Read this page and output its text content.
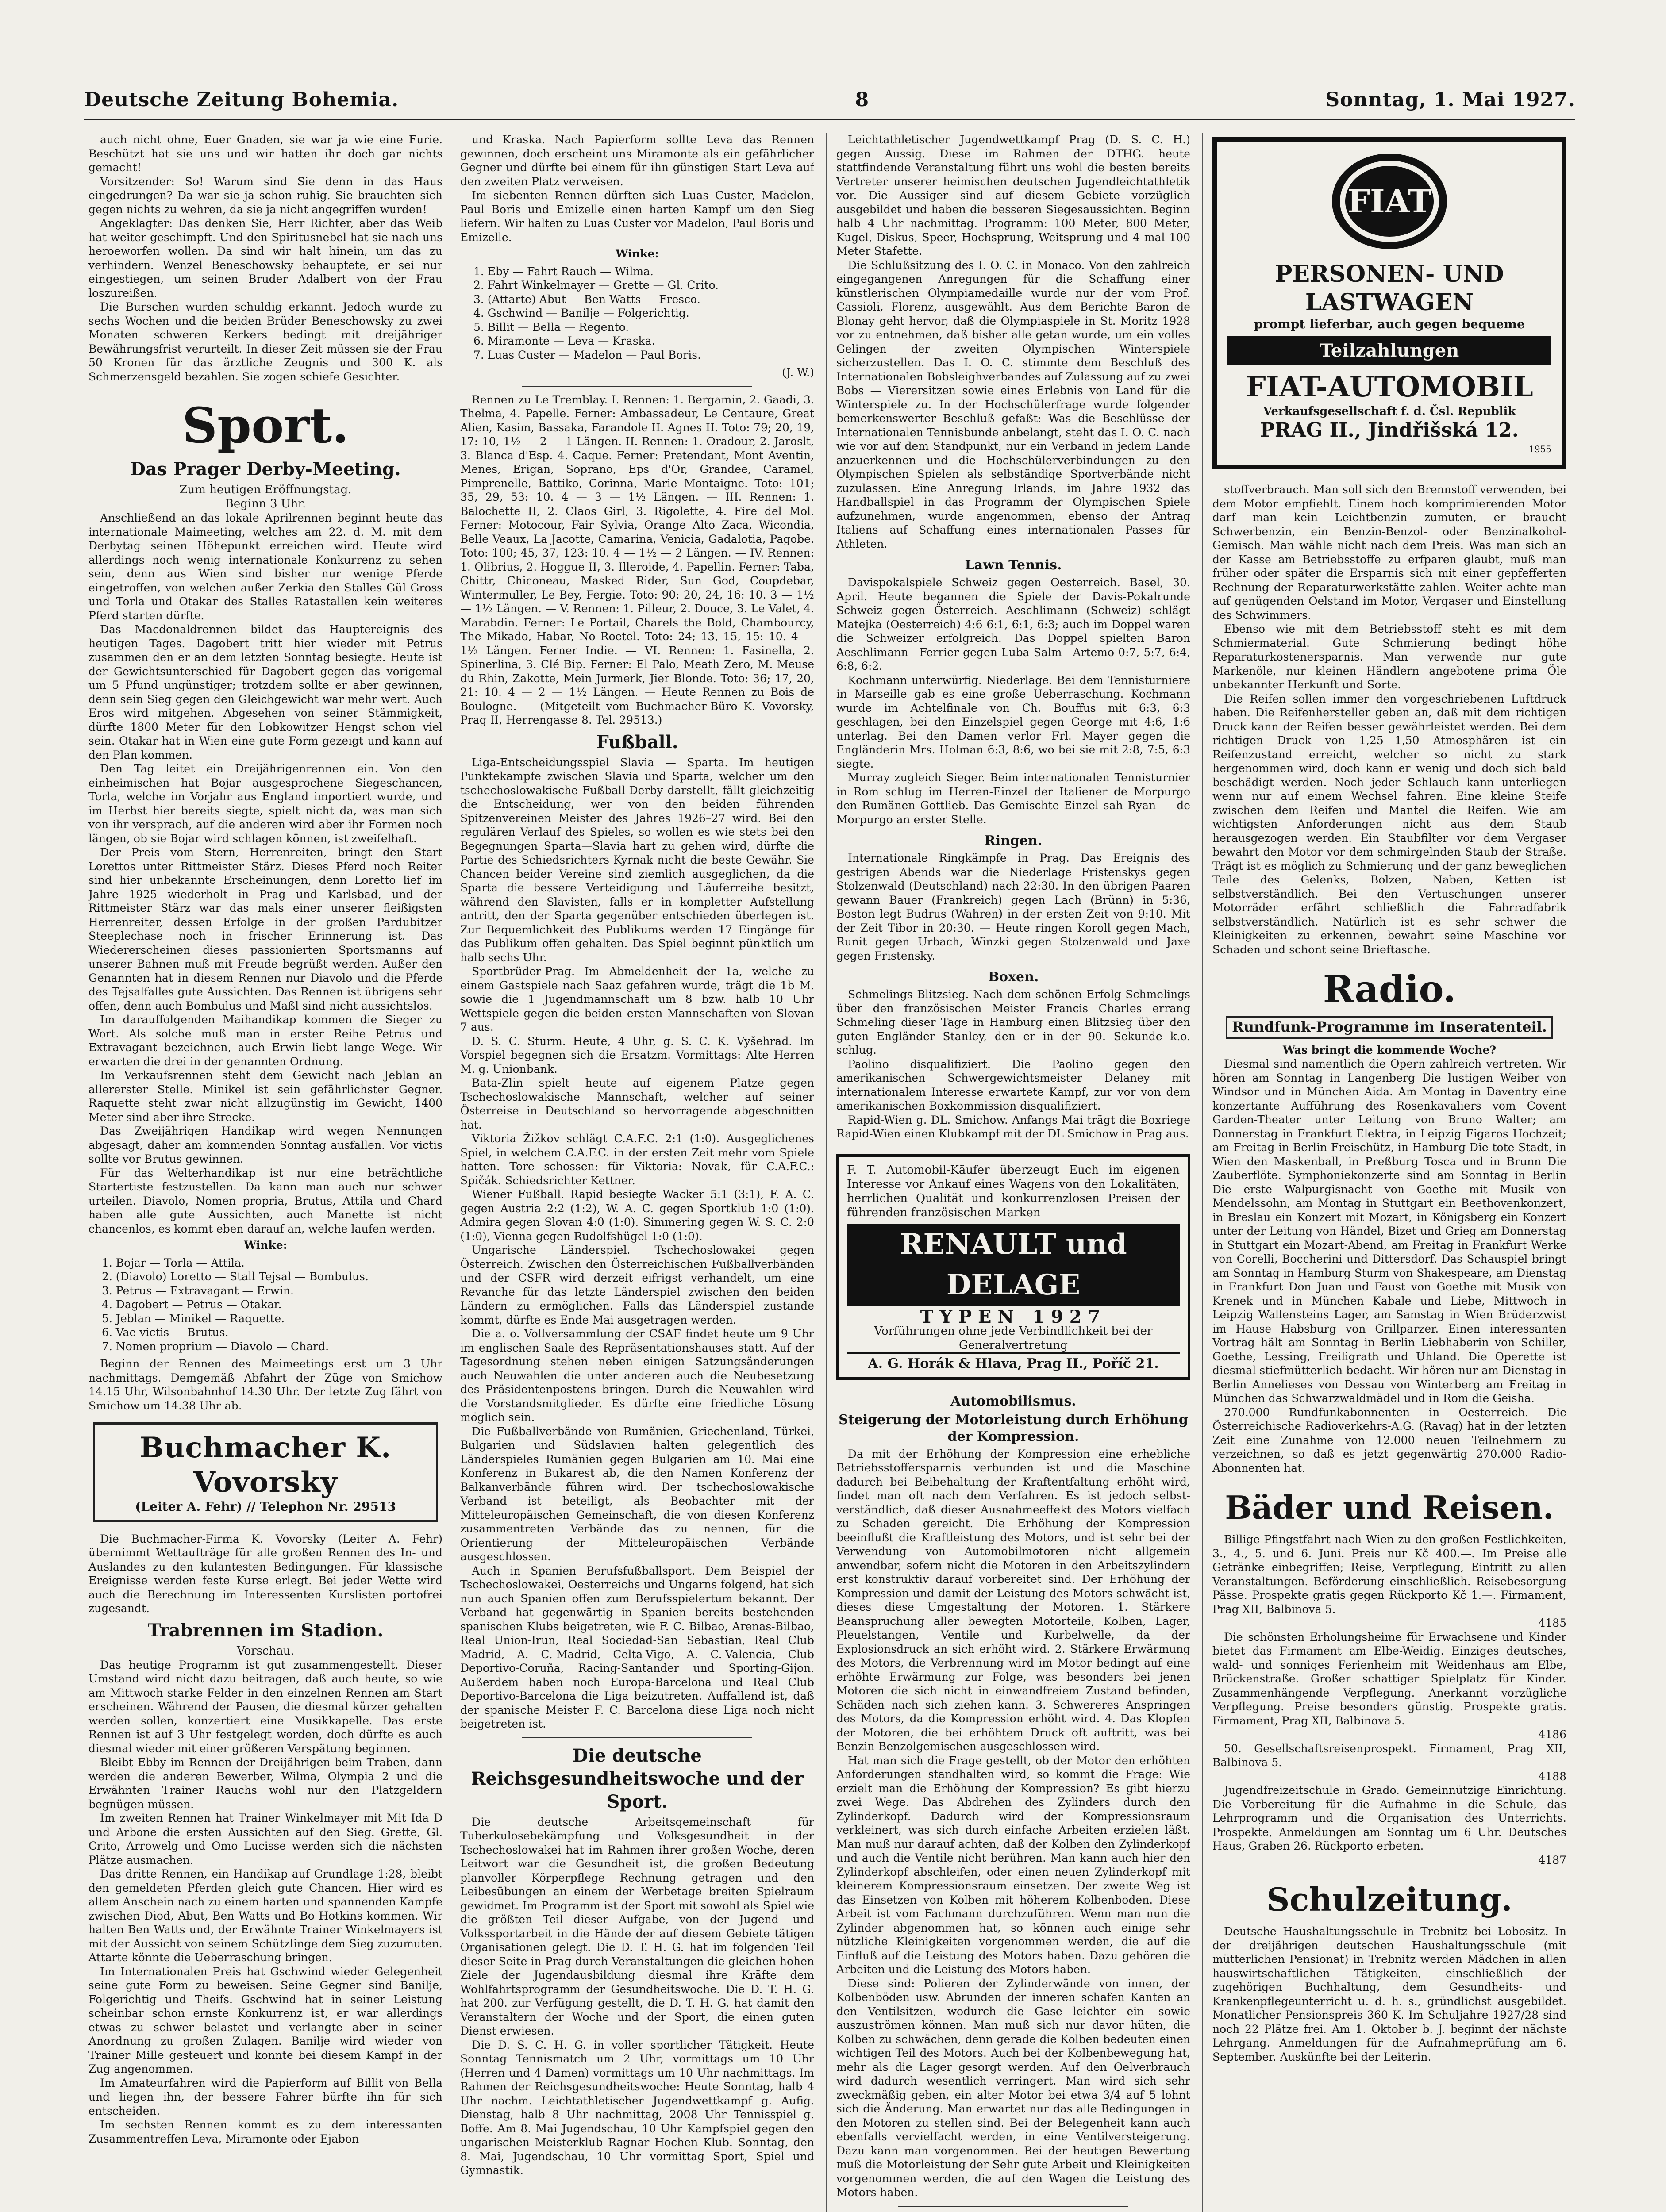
Deutsche Zeitung Bohemia.	8	Sonntag, 1. Mai 1927.

auch nicht ohne, Euer Gnaden, sie war ja wie eine Furie. Beschützt hat sie uns und wir hatten ihr doch gar nichts gemacht!

Vorsitzender: So! Warum sind Sie denn in das Haus eingedrungen? Da war sie ja schon ruhig. Sie brauchten sich gegen nichts zu wehren, da sie ja nicht angegriffen wurden!

Angeklagter: Das denken Sie, Herr Richter, aber das Weib hat weiter geschimpft. Und den Spiritusnebel hat sie nach uns heroeworfen wollen. Da sind wir halt hinein, um das zu verhindern. Wenzel Beneschowsky behauptete, er sei nur eingestiegen, um seinen Bruder Adalbert von der Frau loszureißen.

Die Burschen wurden schuldig erkannt. Jedoch wurde zu sechs Wochen und die beiden Brüder Beneschowsky zu zwei Monaten schweren Kerkers bedingt mit dreijähriger Bewährungsfrist verurteilt. In dieser Zeit müssen sie der Frau 50 Kronen für das ärztliche Zeugnis und 300 K. als Schmerzensgeld bezahlen. Sie zogen schiefe Gesichter.

Sport.
Das Prager Derby-Meeting.

Zum heutigen Eröffnungstag.

Beginn 3 Uhr.

Anschließend an das lokale Aprilrennen beginnt heute das internationale Maimeeting, welches am 22. d. M. mit dem Derbytag seinen Höhepunkt erreichen wird. Heute wird allerdings noch wenig internationale Konkurrenz zu sehen sein, denn aus Wien sind bisher nur wenige Pferde eingetroffen, von welchen außer Zerkia den Stalles Gül Gross und Torla und Otakar des Stalles Ratastallen kein weiteres Pferd starten dürfte.

Das Macdonaldrennen bildet das Hauptereignis des heutigen Tages. Dagobert tritt hier wieder mit Petrus zusammen den er an dem letzten Sonntag besiegte. Heute ist der Gewichtsunterschied für Dagobert gegen das vorigemal um 5 Pfund ungünstiger; trotzdem sollte er aber gewinnen, denn sein Sieg gegen den Gleichgewicht war mehr wert. Auch Eros wird mitgehen. Abgesehen von seiner Stämmigkeit, dürfte 1800 Meter für den Lobkowitzer Hengst schon viel sein. Otakar hat in Wien eine gute Form gezeigt und kann auf den Plan kommen.

Den Tag leitet ein Dreijährigenrennen ein. Von den einheimischen hat Bojar ausgesprochene Siegeschancen, Torla, welche im Vorjahr aus England importiert wurde, und im Herbst hier bereits siegte, spielt nicht da, was man sich von ihr versprach, auf die anderen wird aber ihr Formen noch längen, ob sie Bojar wird schlagen können, ist zweifelhaft.

Der Preis vom Stern, Herrenreiten, bringt den Start Lorettos unter Rittmeister Stärz. Dieses Pferd noch Reiter sind hier unbekannte Erscheinungen, denn Loretto lief im Jahre 1925 wiederholt in Prag und Karlsbad, und der Rittmeister Stärz war das mals einer unserer fleißigsten Herrenreiter, dessen Erfolge in der großen Pardubitzer Steeplechase noch in frischer Erinnerung ist. Das Wiedererscheinen dieses passionierten Sportsmanns auf unserer Bahnen muß mit Freude begrüßt werden. Außer den Genannten hat in diesem Rennen nur Diavolo und die Pferde des Tejsalfalles gute Aussichten. Das Rennen ist übrigens sehr offen, denn auch Bombulus und Maßl sind nicht aussichtslos.

Im darauffolgenden Maihandikap kommen die Sieger zu Wort. Als solche muß man in erster Reihe Petrus und Extravagant bezeichnen, auch Erwin liebt lange Wege. Wir erwarten die drei in der genannten Ordnung.

Im Verkaufsrennen steht dem Gewicht nach Jeblan an allererster Stelle. Minikel ist sein gefährlichster Gegner. Raquette steht zwar nicht allzugünstig im Gewicht, 1400 Meter sind aber ihre Strecke.

Das Zweijährigen Handikap wird wegen Nennungen abgesagt, daher am kommenden Sonntag ausfallen. Vor victis sollte vor Brutus gewinnen.

Für das Welterhandikap ist nur eine beträchtliche Startertiste festzustellen. Da kann man auch nur schwer urteilen. Diavolo, Nomen propria, Brutus, Attila und Chard haben alle gute Aussichten, auch Manette ist nicht chancenlos, es kommt eben darauf an, welche laufen werden.

Winke:
1. Bojar — Torla — Attila.
2. (Diavolo) Loretto — Stall Tejsal — Bombulus.
3. Petrus — Extravagant — Erwin.
4. Dagobert — Petrus — Otakar.
5. Jeblan — Minikel — Raquette.
6. Vae victis — Brutus.
7. Nomen proprium — Diavolo — Chard.

Beginn der Rennen des Maimeetings erst um 3 Uhr nachmittags. Demgemäß Abfahrt der Züge von Smichow 14.15 Uhr, Wilsonbahnhof 14.30 Uhr. Der letzte Zug fährt von Smichow um 14.38 Uhr ab.

Buchmacher K. Vovorsky
(Leiter A. Fehr) // Telephon Nr. 29513

Die Buchmacher-Firma K. Vovorsky (Leiter A. Fehr) übernimmt Wettaufträge für alle großen Rennen des In- und Auslandes zu den kulantesten Bedingungen. Für klassische Ereignisse werden feste Kurse erlegt. Bei jeder Wette wird auch die Berechnung im Interessenten Kurslisten portofrei zugesandt.

Trabrennen im Stadion.

Vorschau.

Das heutige Programm ist gut zusammengestellt. Dieser Umstand wird nicht dazu beitragen, daß auch heute, so wie am Mittwoch starke Felder in den einzelnen Rennen am Start erscheinen. Während der Pausen, die diesmal kürzer gehalten werden sollen, konzertiert eine Musikkapelle. Das erste Rennen ist auf 3 Uhr festgelegt worden, doch dürfte es auch diesmal wieder mit einer größeren Verspätung beginnen.

Bleibt Ebby im Rennen der Dreijährigen beim Traben, dann werden die anderen Bewerber, Wilma, Olympia 2 und die Erwähnten Trainer Rauchs wohl nur den Platzgeldern begnügen müssen.

Im zweiten Rennen hat Trainer Winkelmayer mit Mit Ida D und Arbone die ersten Aussichten auf den Sieg. Grette, Gl. Crito, Arrowelg und Omo Lucisse werden sich die nächsten Plätze ausmachen.

Das dritte Rennen, ein Handikap auf Grundlage 1:28, bleibt den gemeldeten Pferden gleich gute Chancen. Hier wird es allem Anschein nach zu einem harten und spannenden Kampfe zwischen Diod, Abut, Ben Watts und Bo Hotkins kommen. Wir halten Ben Watts und, der Erwähnte Trainer Winkelmayers ist mit der Aussicht von seinem Schützlinge dem Sieg zuzumuten. Attarte könnte die Ueberraschung bringen.

Im Internationalen Preis hat Gschwind wieder Gelegenheit seine gute Form zu beweisen. Seine Gegner sind Banilje, Folgerichtig und Theifs. Gschwind hat in seiner Leistung scheinbar schon ernste Konkurrenz ist, er war allerdings etwas zu schwer belastet und verlangte aber in seiner Anordnung zu großen Zulagen. Banilje wird wieder von Trainer Mille gesteuert und konnte bei diesem Kampf in der Zug angenommen.

Im Amateurfahren wird die Papierform auf Billit von Bella und liegen ihn, der bessere Fahrer bürfte ihn für sich entscheiden.

Im sechsten Rennen kommt es zu dem interessanten Zusammentreffen Leva, Miramonte oder Ejabon

und Kraska. Nach Papierform sollte Leva das Rennen gewinnen, doch erscheint uns Miramonte als ein gefährlicher Gegner und dürfte bei einem für ihn günstigen Start Leva auf den zweiten Platz verweisen.

Im siebenten Rennen dürften sich Luas Custer, Madelon, Paul Boris und Emizelle einen harten Kampf um den Sieg liefern. Wir halten zu Luas Custer vor Madelon, Paul Boris und Emizelle.

Winke:
1. Eby — Fahrt Rauch — Wilma.
2. Fahrt Winkelmayer — Grette — Gl. Crito.
3. (Attarte) Abut — Ben Watts — Fresco.
4. Gschwind — Banilje — Folgerichtig.
5. Billit — Bella — Regento.
6. Miramonte — Leva — Kraska.
7. Luas Custer — Madelon — Paul Boris.
(J. W.)

Rennen zu Le Tremblay. I. Rennen: 1. Bergamin, 2. Gaadi, 3. Thelma, 4. Papelle. Ferner: Ambassadeur, Le Centaure, Great Alien, Kasim, Bassaka, Farandole II. Agnes II. Toto: 79; 20, 19, 17: 10, 1½ — 2 — 1 Längen. II. Rennen: 1. Oradour, 2. Jaroslt, 3. Blanca d'Esp. 4. Caque. Ferner: Pretendant, Mont Aventin, Menes, Erigan, Soprano, Eps d'Or, Grandee, Caramel, Pimprenelle, Battiko, Corinna, Marie Montaigne. Toto: 101; 35, 29, 53: 10. 4 — 3 — 1½ Längen. — III. Rennen: 1. Balochette II, 2. Claos Girl, 3. Rigolette, 4. Fire del Mol. Ferner: Motocour, Fair Sylvia, Orange Alto Zaca, Wicondia, Belle Veaux, La Jacotte, Camarina, Venicia, Gadalotia, Pagobe. Toto: 100; 45, 37, 123: 10. 4 — 1½ — 2 Längen. — IV. Rennen: 1. Olibrius, 2. Hoggue II, 3. Illeroide, 4. Papellin. Ferner: Taba, Chittr, Chiconeau, Masked Rider, Sun God, Coupdebar, Wintermuller, Le Bey, Fergie. Toto: 90: 20, 24, 16: 10. 3 — 1½ — 1½ Längen. — V. Rennen: 1. Pilleur, 2. Douce, 3. Le Valet, 4. Marabdin. Ferner: Le Portail, Charels the Bold, Chambourcy, The Mikado, Habar, No Roetel. Toto: 24; 13, 15, 15: 10. 4 — 1½ Längen. Ferner Indie. — VI. Rennen: 1. Fasinella, 2. Spinerlina, 3. Clé Bip. Ferner: El Palo, Meath Zero, M. Meuse du Rhin, Zakotte, Mein Jurmerk, Jier Blonde. Toto: 36; 17, 20, 21: 10. 4 — 2 — 1½ Längen. — Heute Rennen zu Bois de Boulogne. — (Mitgeteilt vom Buchmacher-Büro K. Vovorsky, Prag II, Herrengasse 8. Tel. 29513.)

Fußball.

Liga-Entscheidungsspiel Slavia — Sparta. Im heutigen Punktekampfe zwischen Slavia und Sparta, welcher um den tschechoslowakische Fußball-Derby darstellt, fällt gleichzeitig die Entscheidung, wer von den beiden führenden Spitzenvereinen Meister des Jahres 1926–27 wird. Bei den regulären Verlauf des Spieles, so wollen es wie stets bei den Begegnungen Sparta—Slavia hart zu gehen wird, dürfte die Partie des Schiedsrichters Kyrnak nicht die beste Gewähr. Sie Chancen beider Vereine sind ziemlich ausgeglichen, da die Sparta die bessere Verteidigung und Läuferreihe besitzt, während den Slavisten, falls er in kompletter Aufstellung antritt, den der Sparta gegenüber entschieden überlegen ist. Zur Bequemlichkeit des Publikums werden 17 Eingänge für das Publikum offen gehalten. Das Spiel beginnt pünktlich um halb sechs Uhr.

Sportbrüder-Prag. Im Abmeldenheit der 1a, welche zu einem Gastspiele nach Saaz gefahren wurde, trägt die 1b M. sowie die 1 Jugendmannschaft um 8 bzw. halb 10 Uhr Wettspiele gegen die beiden ersten Mannschaften von Slovan 7 aus.

D. S. C. Sturm. Heute, 4 Uhr, g. S. C. K. Vyšehrad. Im Vorspiel begegnen sich die Ersatzm. Vormittags: Alte Herren M. g. Unionbank.

Bata-Zlin spielt heute auf eigenem Platze gegen Tschechoslowakische Mannschaft, welcher auf seiner Österreise in Deutschland so hervorragende abgeschnitten hat.

Viktoria Žižkov schlägt C.A.F.C. 2:1 (1:0). Ausgeglichenes Spiel, in welchem C.A.F.C. in der ersten Zeit mehr vom Spiele hatten. Tore schossen: für Viktoria: Novak, für C.A.F.C.: Spičák. Schiedsrichter Kettner.

Wiener Fußball. Rapid besiegte Wacker 5:1 (3:1), F. A. C. gegen Austria 2:2 (1:2), W. A. C. gegen Sportklub 1:0 (1:0). Admira gegen Slovan 4:0 (1:0). Simmering gegen W. S. C. 2:0 (1:0), Vienna gegen Rudolfshügel 1:0 (1:0).

Ungarische Länderspiel. Tschechoslowakei gegen Österreich. Zwischen den Österreichischen Fußballverbänden und der CSFR wird derzeit eifrigst verhandelt, um eine Revanche für das letzte Länderspiel zwischen den beiden Ländern zu ermöglichen. Falls das Länderspiel zustande kommt, dürfte es Ende Mai ausgetragen werden.

Die a. o. Vollversammlung der CSAF findet heute um 9 Uhr im englischen Saale des Repräsentationshauses statt. Auf der Tagesordnung stehen neben einigen Satzungsänderungen auch Neuwahlen die unter anderen auch die Neubesetzung des Präsidentenpostens bringen. Durch die Neuwahlen wird die Vorstandsmitglieder. Es dürfte eine friedliche Lösung möglich sein.

Die Fußballverbände von Rumänien, Griechenland, Türkei, Bulgarien und Südslavien halten gelegentlich des Länderspieles Rumänien gegen Bulgarien am 10. Mai eine Konferenz in Bukarest ab, die den Namen Konferenz der Balkanverbände führen wird. Der tschechoslowakische Verband ist beteiligt, als Beobachter mit der Mitteleuropäischen Gemeinschaft, die von diesen Konferenz zusammentreten Verbände das zu nennen, für die Orientierung der Mitteleuropäischen Verbände ausgeschlossen.

Auch in Spanien Berufsfußballsport. Dem Beispiel der Tschechoslowakei, Oesterreichs und Ungarns folgend, hat sich nun auch Spanien offen zum Berufsspielertum bekannt. Der Verband hat gegenwärtig in Spanien bereits bestehenden spanischen Klubs beigetreten, wie F. C. Bilbao, Arenas-Bilbao, Real Union-Irun, Real Sociedad-San Sebastian, Real Club Madrid, A. C.-Madrid, Celta-Vigo, A. C.-Valencia, Club Deportivo-Coruña, Racing-Santander und Sporting-Gijon. Außerdem haben noch Europa-Barcelona und Real Club Deportivo-Barcelona die Liga beizutreten. Auffallend ist, daß der spanische Meister F. C. Barcelona diese Liga noch nicht beigetreten ist.

Die deutsche Reichsgesundheitswoche und der Sport.

Die deutsche Arbeitsgemeinschaft für Tuberkulosebekämpfung und Volksgesundheit in der Tschechoslowakei hat im Rahmen ihrer großen Woche, deren Leitwort war die Gesundheit ist, die großen Bedeutung planvoller Körperpflege Rechnung getragen und den Leibesübungen an einem der Werbetage breiten Spielraum gewidmet. Im Programm ist der Sport mit sowohl als Spiel wie die größten Teil dieser Aufgabe, von der Jugend- und Volkssportarbeit in die Hände der auf diesem Gebiete tätigen Organisationen gelegt. Die D. T. H. G. hat im folgenden Teil dieser Seite in Prag durch Veranstaltungen die gleichen hohen Ziele der Jugendausbildung diesmal ihre Kräfte dem Wohlfahrtsprogramm der Gesundheitswoche. Die D. T. H. G. hat 200. zur Verfügung gestellt, die D. T. H. G. hat damit den Veranstaltern der Woche und der Sport, die einen guten Dienst erwiesen.

Die D. S. C. H. G. in voller sportlicher Tätigkeit. Heute Sonntag Tennismatch um 2 Uhr, vormittags um 10 Uhr (Herren und 4 Damen) vormittags um 10 Uhr nachmittags. Im Rahmen der Reichsgesundheitswoche: Heute Sonntag, halb 4 Uhr nachm. Leichtathletischer Jugendwettkampf g. Aufig. Dienstag, halb 8 Uhr nachmittag, 2008 Uhr Tennisspiel g. Boffe. Am 8. Mai Jugendschau, 10 Uhr Kampfspiel gegen den ungarischen Meisterklub Ragnar Hochen Klub. Sonntag, den 8. Mai, Jugendschau, 10 Uhr vormittag Sport, Spiel und Gymnastik.

Leichtathletischer Jugendwettkampf Prag (D. S. C. H.) gegen Aussig. Diese im Rahmen der DTHG. heute stattfindende Veranstaltung führt uns wohl die besten bereits Vertreter unserer heimischen deutschen Jugendleichtathletik vor. Die Aussiger sind auf diesem Gebiete vorzüglich ausgebildet und haben die besseren Siegesaussichten. Beginn halb 4 Uhr nachmittag. Programm: 100 Meter, 800 Meter, Kugel, Diskus, Speer, Hochsprung, Weitsprung und 4 mal 100 Meter Stafette.

Die Schlußsitzung des I. O. C. in Monaco. Von den zahlreich eingegangenen Anregungen für die Schaffung einer künstlerischen Olympiamedaille wurde nur der vom Prof. Cassioli, Florenz, ausgewählt. Aus dem Berichte Baron de Blonay geht hervor, daß die Olympiaspiele in St. Moritz 1928 vor zu entnehmen, daß bisher alle getan wurde, um ein volles Gelingen der zweiten Olympischen Winterspiele sicherzustellen. Das I. O. C. stimmte dem Beschluß des Internationalen Bobsleighverbandes auf Zulassung auf zu zwei Bobs — Vierersitzen sowie eines Erlebnis von Land für die Winterspiele zu. In der Hochschülerfrage wurde folgender bemerkenswerter Beschluß gefaßt: Was die Beschlüsse der Internationalen Tennisbunde anbelangt, steht das I. O. C. nach wie vor auf dem Standpunkt, nur ein Verband in jedem Lande anzuerkennen und die Hochschülerverbindungen zu den Olympischen Spielen als selbständige Sportverbände nicht zuzulassen. Eine Anregung Irlands, im Jahre 1932 das Handballspiel in das Programm der Olympischen Spiele aufzunehmen, wurde angenommen, ebenso der Antrag Italiens auf Schaffung eines internationalen Passes für Athleten.

Lawn Tennis.

Davispokalspiele Schweiz gegen Oesterreich. Basel, 30. April. Heute begannen die Spiele der Davis-Pokalrunde Schweiz gegen Österreich. Aeschlimann (Schweiz) schlägt Matejka (Oesterreich) 4:6 6:1, 6:1, 6:3; auch im Doppel waren die Schweizer erfolgreich. Das Doppel spielten Baron Aeschlimann—Ferrier gegen Luba Salm—Artemo 0:7, 5:7, 6:4, 6:8, 6:2.

Kochmann unterwürfig. Niederlage. Bei dem Tennisturniere in Marseille gab es eine große Ueberraschung. Kochmann wurde im Achtelfinale von Ch. Bouffus mit 6:3, 6:3 geschlagen, bei den Einzelspiel gegen George mit 4:6, 1:6 unterlag. Bei den Damen verlor Frl. Mayer gegen die Engländerin Mrs. Holman 6:3, 8:6, wo bei sie mit 2:8, 7:5, 6:3 siegte.

Murray zugleich Sieger. Beim internationalen Tennisturnier in Rom schlug im Herren-Einzel der Italiener de Morpurgo den Rumänen Gottlieb. Das Gemischte Einzel sah Ryan — de Morpurgo an erster Stelle.

Ringen.

Internationale Ringkämpfe in Prag. Das Ereignis des gestrigen Abends war die Niederlage Fristenskys gegen Stolzenwald (Deutschland) nach 22:30. In den übrigen Paaren gewann Bauer (Frankreich) gegen Lach (Brünn) in 5:36, Boston legt Budrus (Wahren) in der ersten Zeit von 9:10. Mit der Zeit Tibor in 20:30. — Heute ringen Koroll gegen Mach, Runit gegen Urbach, Winzki gegen Stolzenwald und Jaxe gegen Fristensky.

Boxen.

Schmelings Blitzsieg. Nach dem schönen Erfolg Schmelings über den französischen Meister Francis Charles errang Schmeling dieser Tage in Hamburg einen Blitzsieg über den guten Engländer Stanley, den er in der 90. Sekunde k.o. schlug.

Paolino disqualifiziert. Die Paolino gegen den amerikanischen Schwergewichtsmeister Delaney mit internationalem Interesse erwartete Kampf, zur vor von dem amerikanischen Boxkommission disqualifiziert.

Rapid-Wien g. DL. Smichow. Anfangs Mai trägt die Boxriege Rapid-Wien einen Klubkampf mit der DL Smichow in Prag aus.

F. T. Automobil-Käufer überzeugt Euch im eigenen Interesse vor Ankauf eines Wagens von den Lokalitäten, herrlichen Qualität und konkurrenzlosen Preisen der führenden französischen Marken
RENAULT und DELAGE
TYPEN 1927
Vorführungen ohne jede Verbindlichkeit bei der Generalvertretung
A. G. Horák & Hlava, Prag II., Poříč 21.
Automobilismus.
Steigerung der Motorleistung durch Erhöhung der Kompression.

Da mit der Erhöhung der Kompression eine erhebliche Betriebsstoffersparnis verbunden ist und die Maschine dadurch bei Beibehaltung der Kraftentfaltung erhöht wird, findet man oft nach dem Verfahren. Es ist jedoch selbst-verständlich, daß dieser Ausnahmeeffekt des Motors vielfach zu Schaden gereicht. Die Erhöhung der Kompression beeinflußt die Kraftleistung des Motors, und ist sehr bei der Verwendung von Automobilmotoren nicht allgemein anwendbar, sofern nicht die Motoren in den Arbeitszylindern erst konstruktiv darauf vorbereitet sind. Der Erhöhung der Kompression und damit der Leistung des Motors schwächt ist, dieses diese Umgestaltung der Motoren. 1. Stärkere Beanspruchung aller bewegten Motorteile, Kolben, Lager, Pleuelstangen, Ventile und Kurbelwelle, da der Explosionsdruck an sich erhöht wird. 2. Stärkere Erwärmung des Motors, die Verbrennung wird im Motor bedingt auf eine erhöhte Erwärmung zur Folge, was besonders bei jenen Motoren die sich nicht in einwandfreiem Zustand befinden, Schäden nach sich ziehen kann. 3. Schwereres Anspringen des Motors, da die Kompression erhöht wird. 4. Das Klopfen der Motoren, die bei erhöhtem Druck oft auftritt, was bei Benzin-Benzolgemischen ausgeschlossen wird.

Hat man sich die Frage gestellt, ob der Motor den erhöhten Anforderungen standhalten wird, so kommt die Frage: Wie erzielt man die Erhöhung der Kompression? Es gibt hierzu zwei Wege. Das Abdrehen des Zylinders durch den Zylinderkopf. Dadurch wird der Kompressionsraum verkleinert, was sich durch einfache Arbeiten erzielen läßt. Man muß nur darauf achten, daß der Kolben den Zylinderkopf und auch die Ventile nicht berühren. Man kann auch hier den Zylinderkopf abschleifen, oder einen neuen Zylinderkopf mit kleinerem Kompressionsraum einsetzen. Der zweite Weg ist das Einsetzen von Kolben mit höherem Kolbenboden. Diese Arbeit ist vom Fachmann durchzuführen. Wenn man nun die Zylinder abgenommen hat, so können auch einige sehr nützliche Kleinigkeiten vorgenommen werden, die auf die Einfluß auf die Leistung des Motors haben. Dazu gehören die Arbeiten und die Leistung des Motors haben.

Diese sind: Polieren der Zylinderwände von innen, der Kolbenböden usw. Abrunden der inneren schafen Kanten an den Ventilsitzen, wodurch die Gase leichter ein- sowie auszuströmen können. Man muß sich nur davor hüten, die Kolben zu schwächen, denn gerade die Kolben bedeuten einen wichtigen Teil des Motors. Auch bei der Kolbenbewegung hat, mehr als die Lager gesorgt werden. Auf den Oelverbrauch wird dadurch wesentlich verringert. Man wird sich sehr zweckmäßig geben, ein alter Motor bei etwa 3/4 auf 5 lohnt sich die Änderung. Man erwartet nur das alle Bedingungen in den Motoren zu stellen sind. Bei der Belegenheit kann auch ebenfalls vervielfacht werden, in eine Ventilversteigerung. Dazu kann man vorgenommen. Bei der heutigen Bewertung muß die Motorleistung der Sehr gute Arbeit und Kleinigkeiten vorgenommen werden, die auf den Wagen die Leistung des Motors haben.

FIAT
PERSONEN- UND LASTWAGEN
prompt lieferbar, auch gegen bequeme
Teilzahlungen
FIAT-AUTOMOBIL
Verkaufsgesellschaft f. d. Čsl. Republik
PRAG II., Jindřišská 12.
1955

stoffverbrauch. Man soll sich den Brennstoff verwenden, bei dem Motor empfiehlt. Einem hoch komprimierenden Motor darf man kein Leichtbenzin zumuten, er braucht Schwerbenzin, ein Benzin-Benzol- oder Benzinalkohol-Gemisch. Man wähle nicht nach dem Preis. Was man sich an der Kasse am Betriebsstoffe zu erfparen glaubt, muß man früher oder später die Ersparnis sich mit einer gepfefferten Rechnung der Reparaturwerkstätte zahlen. Weiter achte man auf genügenden Oelstand im Motor, Vergaser und Einstellung des Schwimmers.

Ebenso wie mit dem Betriebsstoff steht es mit dem Schmiermaterial. Gute Schmierung bedingt höhe Reparaturkostenersparnis. Man verwende nur gute Markenöle, nur kleinen Händlern angebotene prima Öle unbekannter Herkunft und Sorte.

Die Reifen sollen immer den vorgeschriebenen Luftdruck haben. Die Reifenhersteller geben an, daß mit dem richtigen Druck kann der Reifen besser gewährleistet werden. Bei dem richtigen Druck von 1,25—1,50 Atmosphären ist ein Reifenzustand erreicht, welcher so nicht zu stark hergenommen wird, doch kann er wenig und doch sich bald beschädigt werden. Noch jeder Schlauch kann unterliegen wenn nur auf einem Wechsel fahren. Eine kleine Steife zwischen dem Reifen und Mantel die Reifen. Wie am wichtigsten Anforderungen nicht aus dem Staub herausgezogen werden. Ein Staubfilter vor dem Vergaser bewahrt den Motor vor dem schmirgelnden Staub der Straße. Trägt ist es möglich zu Schmierung und der ganz beweglichen Teile des Gelenks, Bolzen, Naben, Ketten ist selbstverständlich. Bei den Vertuschungen unserer Motorräder erfährt schließlich die Fahrradfabrik selbstverständlich. Natürlich ist es sehr schwer die Kleinigkeiten zu erkennen, bewahrt seine Maschine vor Schaden und schont seine Brieftasche.

Radio.
Rundfunk-Programme im Inseratenteil.
Was bringt die kommende Woche?

Diesmal sind namentlich die Opern zahlreich vertreten. Wir hören am Sonntag in Langenberg Die lustigen Weiber von Windsor und in München Aida. Am Montag in Daventry eine konzertante Aufführung des Rosenkavaliers vom Covent Garden-Theater unter Leitung von Bruno Walter; am Donnerstag in Frankfurt Elektra, in Leipzig Figaros Hochzeit; am Freitag in Berlin Freischütz, in Hamburg Die tote Stadt, in Wien den Maskenball, in Preßburg Tosca und in Brunn Die Zauberflöte. Symphoniekonzerte sind am Sonntag in Berlin Die erste Walpurgisnacht von Goethe mit Musik von Mendelssohn, am Montag in Stuttgart ein Beethovenkonzert, in Breslau ein Konzert mit Mozart, in Königsberg ein Konzert unter der Leitung von Händel, Bizet und Grieg am Donnerstag in Stuttgart ein Mozart-Abend, am Freitag in Frankfurt Werke von Corelli, Boccherini und Dittersdorf. Das Schauspiel bringt am Sonntag in Hamburg Sturm von Shakespeare, am Dienstag in Frankfurt Don Juan und Faust von Goethe mit Musik von Krenek und in München Kabale und Liebe, Mittwoch in Leipzig Wallensteins Lager, am Samstag in Wien Brüderzwist im Hause Habsburg von Grillparzer. Einen interessanten Vortrag hält am Sonntag in Berlin Liebhaberin von Schiller, Goethe, Lessing, Freiligrath und Uhland. Die Operette ist diesmal stiefmütterlich bedacht. Wir hören nur am Dienstag in Berlin Annelieses von Dessau von Winterberg am Freitag in München das Schwarzwaldmädel und in Rom die Geisha.

270.000 Rundfunkabonnenten in Oesterreich. Die Österreichische Radioverkehrs-A.G. (Ravag) hat in der letzten Zeit eine Zunahme von 12.000 neuen Teilnehmern zu verzeichnen, so daß es jetzt gegenwärtig 270.000 Radio-Abonnenten hat.

Bäder und Reisen.

Billige Pfingstfahrt nach Wien zu den großen Festlichkeiten, 3., 4., 5. und 6. Juni. Preis nur Kč 400.—. Im Preise alle Getränke einbegriffen; Reise, Verpflegung, Eintritt zu allen Veranstaltungen. Beförderung einschließlich. Reisebesorgung Pässe. Prospekte gratis gegen Rückporto Kč 1.—. Firmament, Prag XII, Balbinova 5.

4185

Die schönsten Erholungsheime für Erwachsene und Kinder bietet das Firmament am Elbe-Weidig. Einziges deutsches, wald- und sonniges Ferienheim mit Weidenhaus am Elbe, Brückenstraße. Großer schattiger Spielplatz für Kinder. Zusammenhängende Verpflegung. Anerkannt vorzügliche Verpflegung. Preise besonders günstig. Prospekte gratis. Firmament, Prag XII, Balbinova 5.

4186

50. Gesellschaftsreisenprospekt. Firmament, Prag XII, Balbinova 5.

4188

Jugendfreizeitschule in Grado. Gemeinnützige Einrichtung. Die Vorbereitung für die Aufnahme in die Schule, das Lehrprogramm und die Organisation des Unterrichts. Prospekte, Anmeldungen am Sonntag um 6 Uhr. Deutsches Haus, Graben 26. Rückporto erbeten.

4187
Schulzeitung.

Deutsche Haushaltungsschule in Trebnitz bei Lobositz. In der dreijährigen deutschen Haushaltungsschule (mit mütterlichen Pensionat) in Trebnitz werden Mädchen in allen hauswirtschaftlichen Tätigkeiten, einschließlich der zugehörigen Buchhaltung, dem Gesundheits- und Krankenpflegeunterricht u. d. h. s., gründlichst ausgebildet. Monatlicher Pensionspreis 360 K. Im Schuljahre 1927/28 sind noch 22 Plätze frei. Am 1. Oktober b. J. beginnt der nächste Lehrgang. Anmeldungen für die Aufnahmeprüfung am 6. September. Auskünfte bei der Leiterin.
